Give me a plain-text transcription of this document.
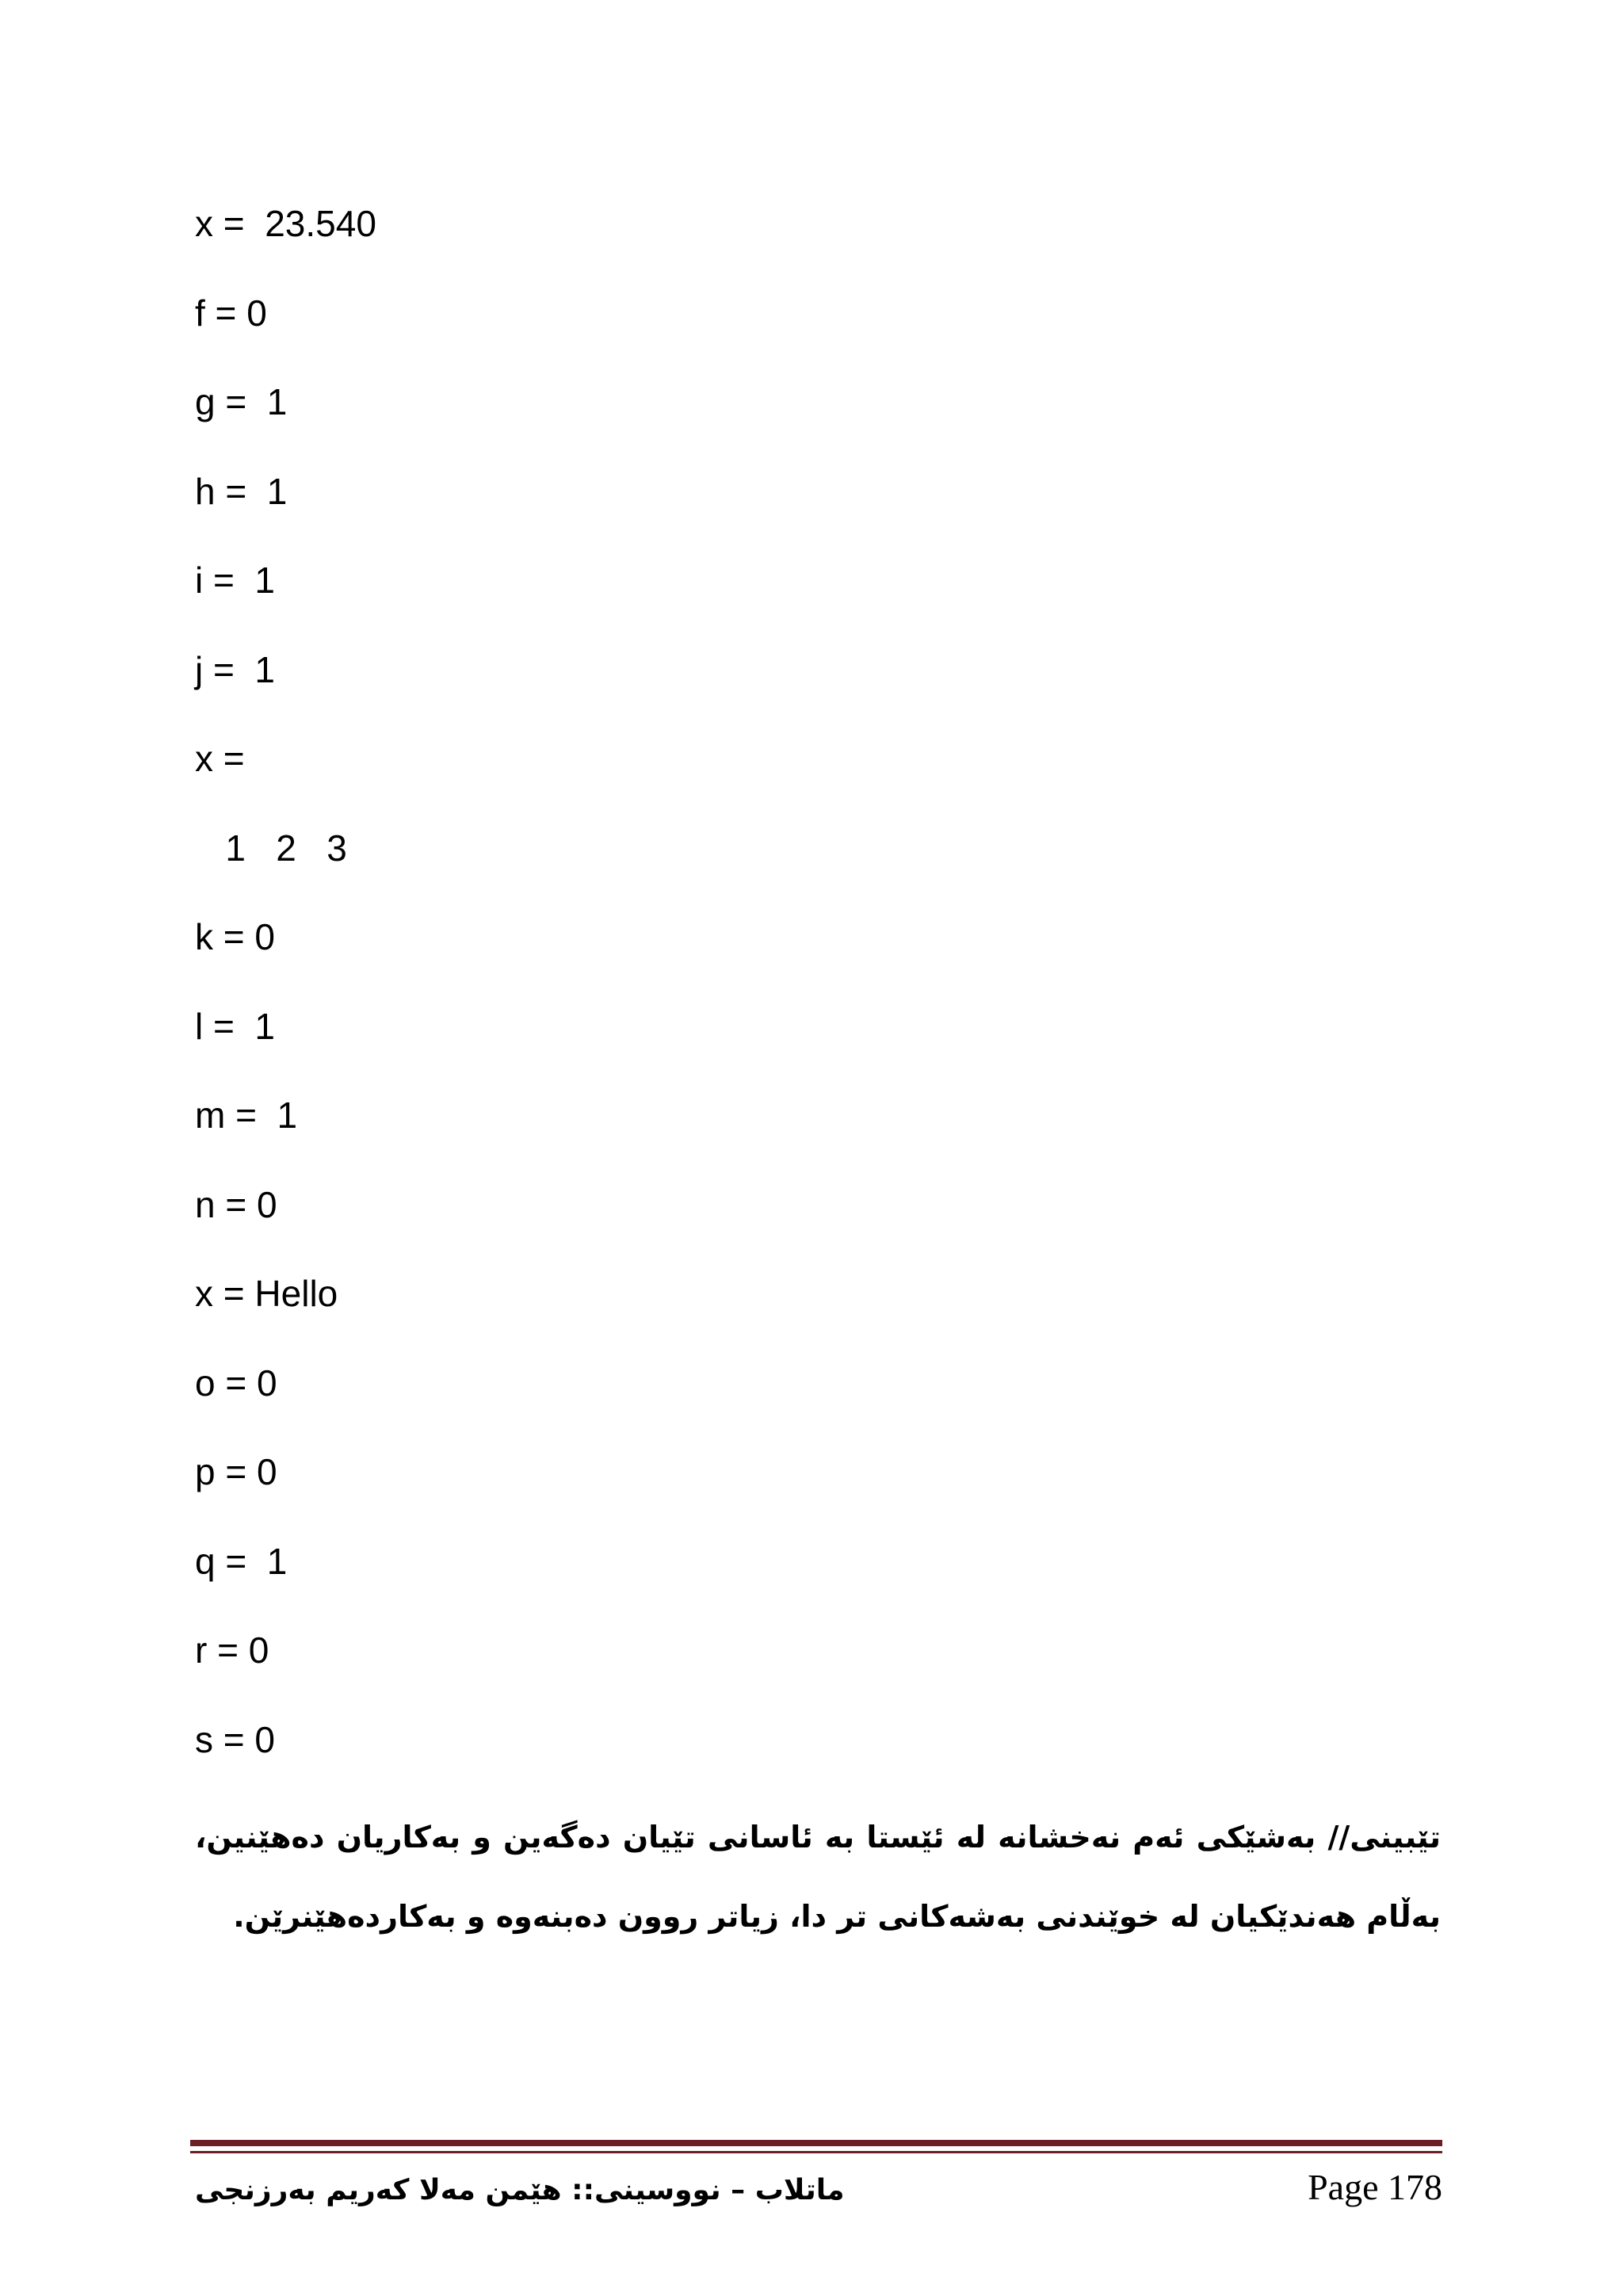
x =  23.540
f = 0
g =  1
h =  1
i =  1
j =  1
x =
1   2   3
k = 0
l =  1
m =  1
n = 0
x = Hello
o = 0
p = 0
q =  1
r = 0
s = 0
تێبینی// بەشێکی ئەم نەخشانە لە ئێستا بە ئاسانی تێیان دەگەین و بەکاریان دەهێنین، بەڵام هەندێکیان لە خوێندنی بەشەکانی تر دا، زیاتر روون دەبنەوە و بەکاردەهێنرێن.
ماتلاب – نووسینی:: هێمن مەلا کەریم بەرزنجی	Page 178
